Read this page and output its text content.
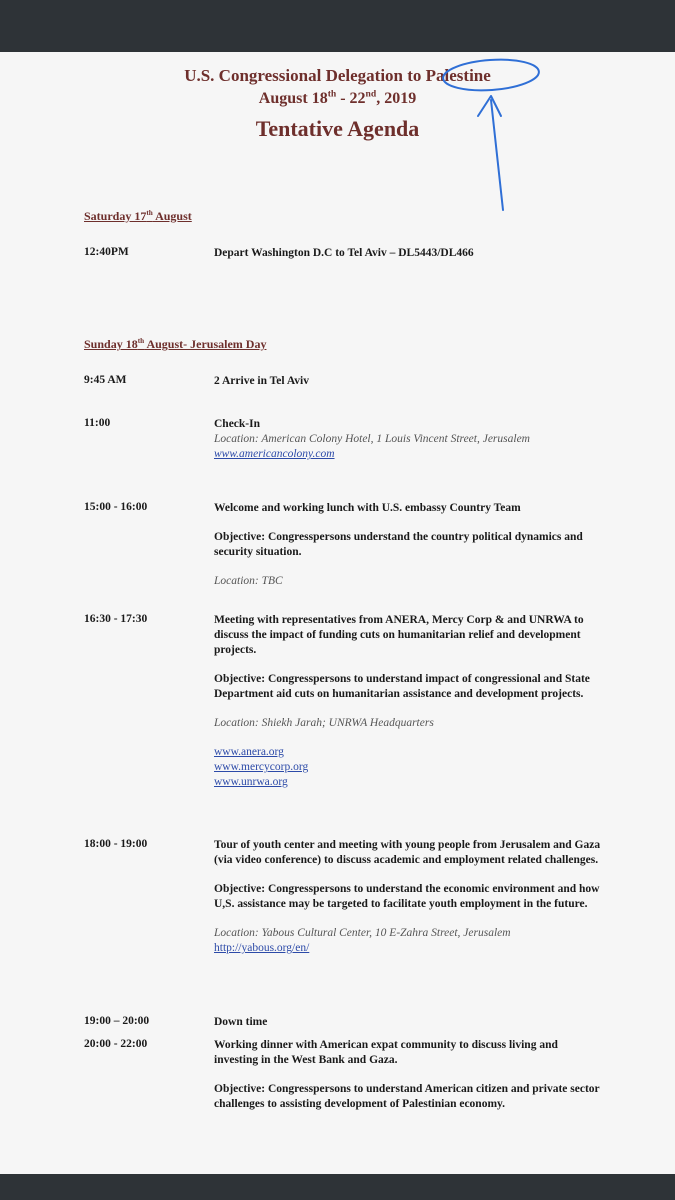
U.S. Congressional Delegation to Palestine
August 18th - 22nd, 2019
Tentative Agenda
Saturday 17th August
12:40PM	Depart Washington D.C to Tel Aviv – DL5443/DL466
Sunday 18th August- Jerusalem Day
9:45 AM	2 Arrive in Tel Aviv
11:00	Check-In
Location: American Colony Hotel, 1 Louis Vincent Street, Jerusalem
www.americancolony.com
15:00 - 16:00	Welcome and working lunch with U.S. embassy Country Team
Objective: Congresspersons understand the country political dynamics and security situation.
Location: TBC
16:30 - 17:30	Meeting with representatives from ANERA, Mercy Corp & and UNRWA to discuss the impact of funding cuts on humanitarian relief and development projects.
Objective: Congresspersons to understand impact of congressional and State Department aid cuts on humanitarian assistance and development projects.
Location: Shiekh Jarah; UNRWA Headquarters
www.anera.org
www.mercycorp.org
www.unrwa.org
18:00 - 19:00	Tour of youth center and meeting with young people from Jerusalem and Gaza (via video conference) to discuss academic and employment related challenges.
Objective: Congresspersons to understand the economic environment and how U,S. assistance may be targeted to facilitate youth employment in the future.
Location: Yabous Cultural Center, 10 E-Zahra Street, Jerusalem
http://yabous.org/en/
19:00 – 20:00	Down time
20:00 - 22:00	Working dinner with American expat community to discuss living and investing in the West Bank and Gaza.
Objective: Congresspersons to understand American citizen and private sector challenges to assisting development of Palestinian economy.
